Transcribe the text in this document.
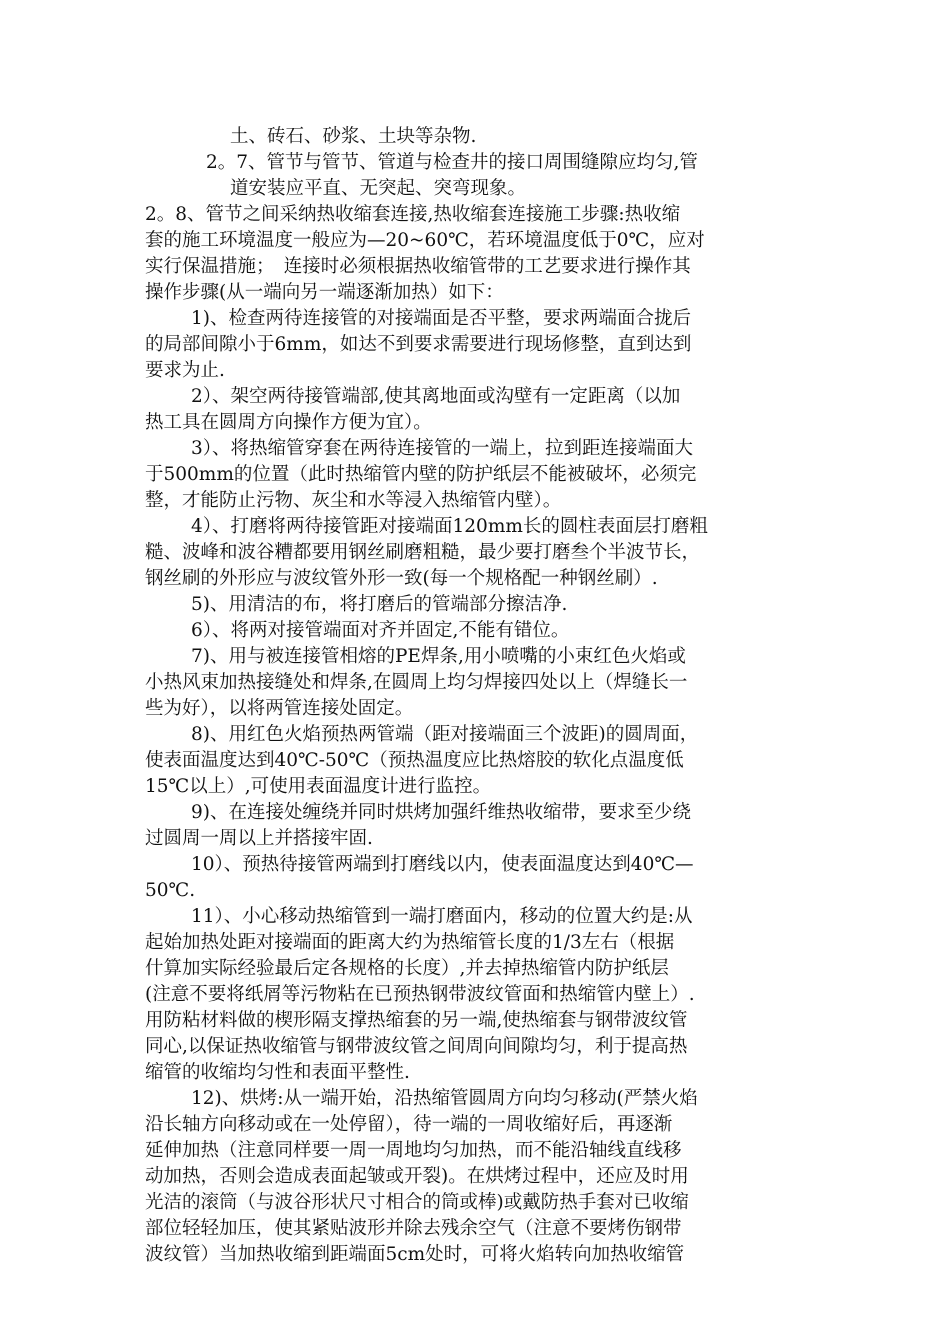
土、砖石、砂浆、土块等杂物.
2。7、管节与管节、管道与检查井的接口周围缝隙应均匀,管
道安装应平直、无突起、突弯现象。
2。8、管节之间采纳热收缩套连接,热收缩套连接施工步骤:热收缩
套的施工环境温度一般应为—20~60℃，若环境温度低于0℃，应对
实行保温措施；　连接时必须根据热收缩管带的工艺要求进行操作其
操作步骤(从一端向另一端逐渐加热）如下：
1)、检查两待连接管的对接端面是否平整，要求两端面合拢后
的局部间隙小于6mm，如达不到要求需要进行现场修整，直到达到
要求为止.
2）、架空两待接管端部,使其离地面或沟壁有一定距离（以加
热工具在圆周方向操作方便为宜）。
3）、将热缩管穿套在两待连接管的一端上，拉到距连接端面大
于500mm的位置（此时热缩管内壁的防护纸层不能被破坏，必须完
整，才能防止污物、灰尘和水等浸入热缩管内壁）。
4）、打磨将两待接管距对接端面120mm长的圆柱表面层打磨粗
糙、波峰和波谷糟都要用钢丝刷磨粗糙，最少要打磨叁个半波节长，
钢丝刷的外形应与波纹管外形一致(每一个规格配一种钢丝刷）.
5)、用清洁的布，将打磨后的管端部分擦洁净.
6）、将两对接管端面对齐并固定,不能有错位。
7)、用与被连接管相熔的PE焊条,用小喷嘴的小束红色火焰或
小热风束加热接缝处和焊条,在圆周上均匀焊接四处以上（焊缝长一
些为好），以将两管连接处固定。
8)、用红色火焰预热两管端（距对接端面三个波距)的圆周面，
使表面温度达到40℃-50℃（预热温度应比热熔胶的软化点温度低
15℃以上）,可使用表面温度计进行监控。
9)、在连接处缠绕并同时烘烤加强纤维热收缩带，要求至少绕
过圆周一周以上并搭接牢固.
10）、预热待接管两端到打磨线以内，使表面温度达到40℃—
50℃.
11）、小心移动热缩管到一端打磨面内，移动的位置大约是:从
起始加热处距对接端面的距离大约为热缩管长度的1/3左右（根据
什算加实际经验最后定各规格的长度）,并去掉热缩管内防护纸层
(注意不要将纸屑等污物粘在已预热钢带波纹管面和热缩管内壁上）.
用防粘材料做的楔形隔支撑热缩套的另一端,使热缩套与钢带波纹管
同心,以保证热收缩管与钢带波纹管之间周向间隙均匀，利于提高热
缩管的收缩均匀性和表面平整性.
12)、烘烤:从一端开始，沿热缩管圆周方向均匀移动(严禁火焰
沿长轴方向移动或在一处停留），待一端的一周收缩好后，再逐渐
延伸加热（注意同样要一周一周地均匀加热，而不能沿轴线直线移
动加热，否则会造成表面起皱或开裂)。在烘烤过程中，还应及时用
光洁的滚筒（与波谷形状尺寸相合的筒或棒)或戴防热手套对已收缩
部位轻轻加压，使其紧贴波形并除去残余空气（注意不要烤伤钢带
波纹管）当加热收缩到距端面5cm处时，可将火焰转向加热收缩管
